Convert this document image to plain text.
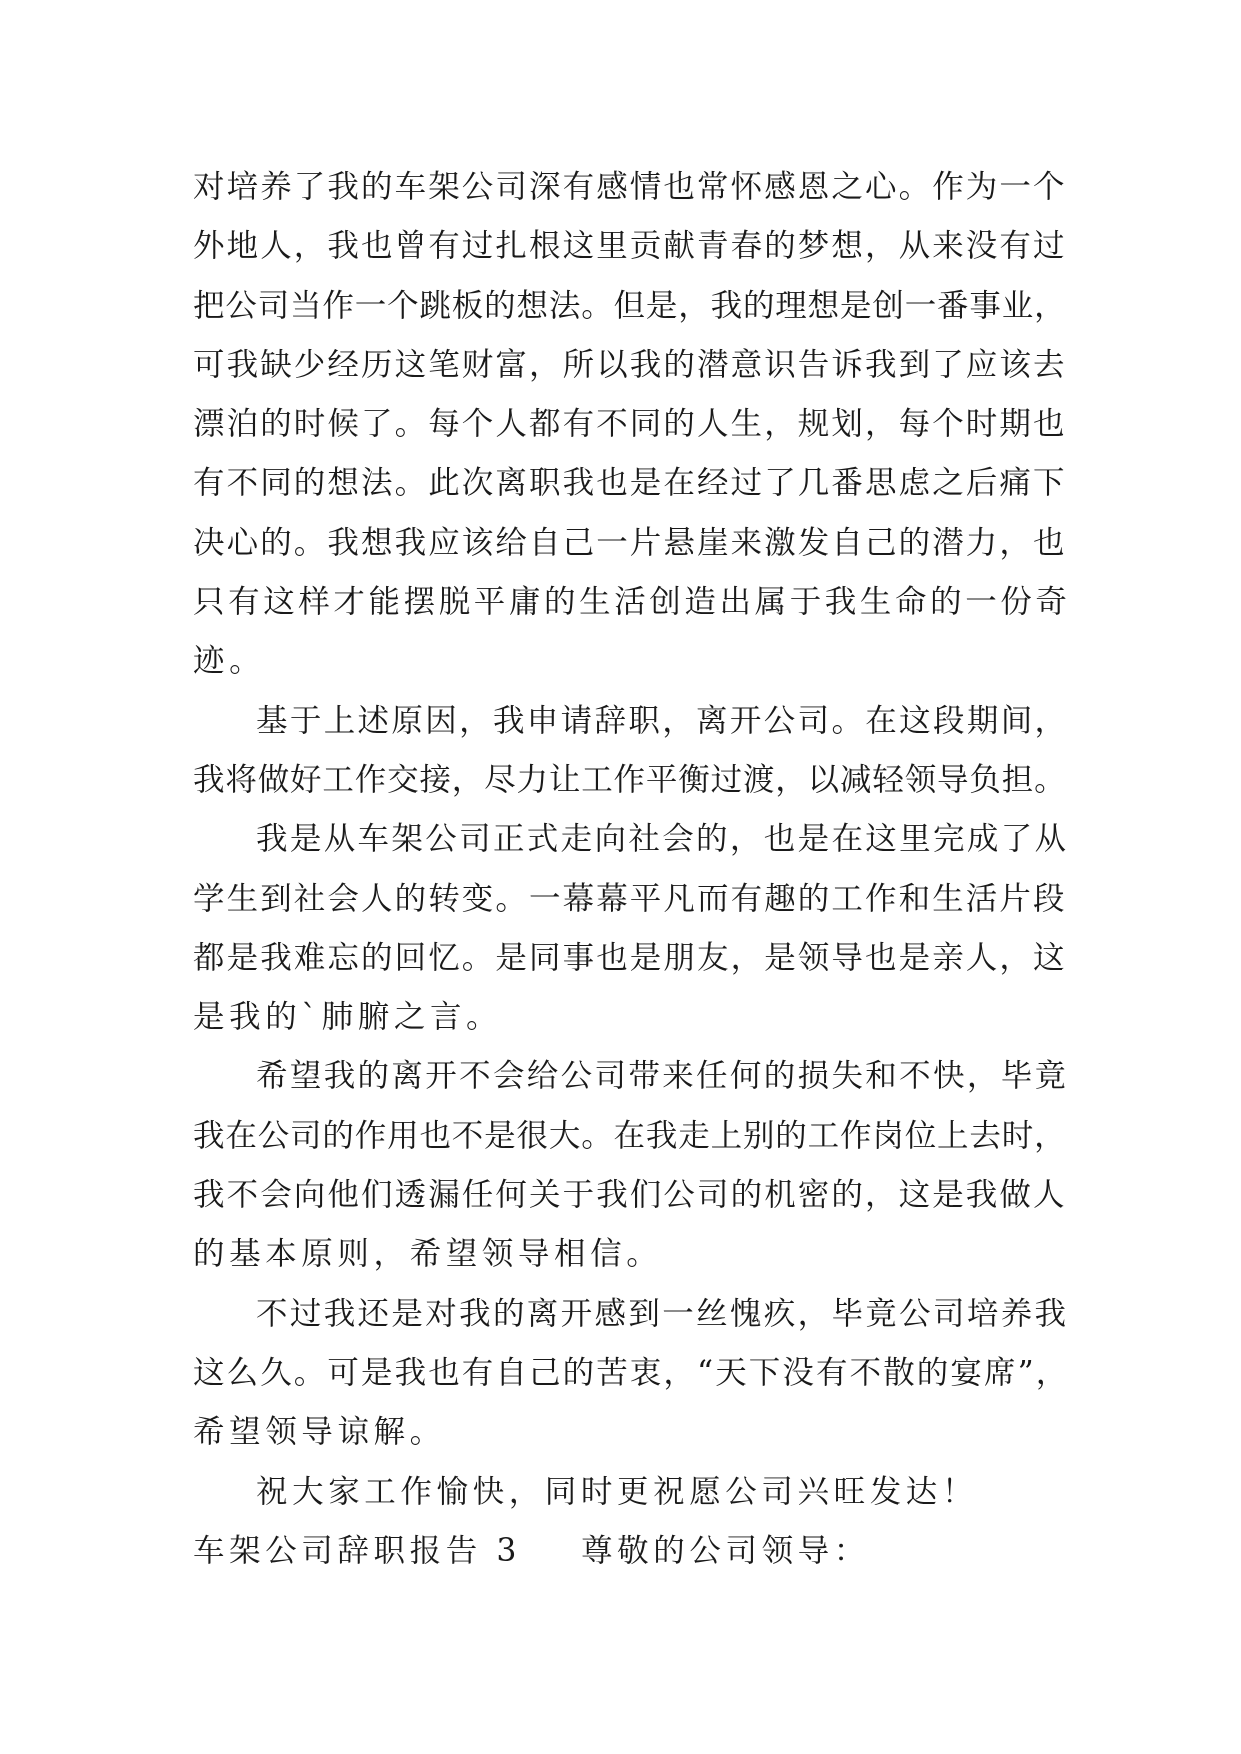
对培养了我的车架公司深有感情也常怀感恩之心。作为一个
外地人，我也曾有过扎根这里贡献青春的梦想，从来没有过
把公司当作一个跳板的想法。但是，我的理想是创一番事业，
可我缺少经历这笔财富，所以我的潜意识告诉我到了应该去
漂泊的时候了。每个人都有不同的人生，规划，每个时期也
有不同的想法。此次离职我也是在经过了几番思虑之后痛下
决心的。我想我应该给自己一片悬崖来激发自己的潜力，也
只有这样才能摆脱平庸的生活创造出属于我生命的一份奇
迹。
基于上述原因，我申请辞职，离开公司。在这段期间，
我将做好工作交接，尽力让工作平衡过渡，以减轻领导负担。
我是从车架公司正式走向社会的，也是在这里完成了从
学生到社会人的转变。一幕幕平凡而有趣的工作和生活片段
都是我难忘的回忆。是同事也是朋友，是领导也是亲人，这
是我的`肺腑之言。
希望我的离开不会给公司带来任何的损失和不快，毕竟
我在公司的作用也不是很大。在我走上别的工作岗位上去时，
我不会向他们透漏任何关于我们公司的机密的，这是我做人
的基本原则，希望领导相信。
不过我还是对我的离开感到一丝愧疚，毕竟公司培养我
这么久。可是我也有自己的苦衷，“天下没有不散的宴席”，
希望领导谅解。
祝大家工作愉快，同时更祝愿公司兴旺发达！
车架公司辞职报告 3 尊敬的公司领导：
